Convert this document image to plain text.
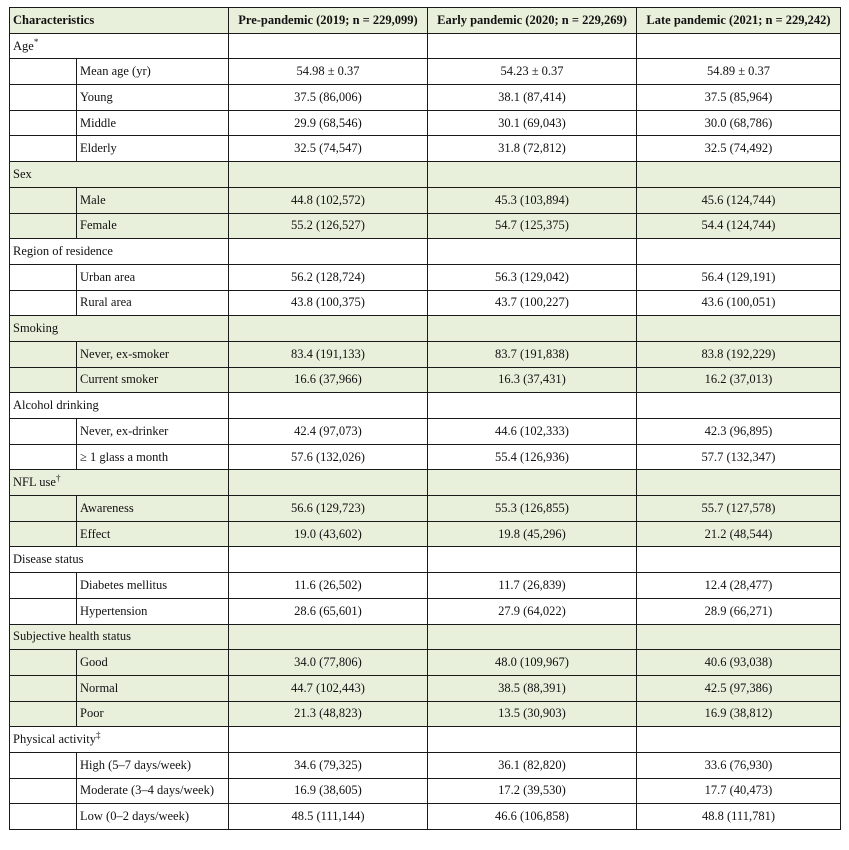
Characteristics		Pre-pandemic (2019; n = 229,099)	Early pandemic (2020; n = 229,269)	Late pandemic (2021; n = 229,242)
Age*			
	Mean age (yr)	54.98 ± 0.37	54.23 ± 0.37	54.89 ± 0.37
	Young	37.5 (86,006)	38.1 (87,414)	37.5 (85,964)
	Middle	29.9 (68,546)	30.1 (69,043)	30.0 (68,786)
	Elderly	32.5 (74,547)	31.8 (72,812)	32.5 (74,492)
Sex				
	Male	44.8 (102,572)	45.3 (103,894)	45.6 (124,744)
	Female	55.2 (126,527)	54.7 (125,375)	54.4 (124,744)
Region of residence				
	Urban area	56.2 (128,724)	56.3 (129,042)	56.4 (129,191)
	Rural area	43.8 (100,375)	43.7 (100,227)	43.6 (100,051)
Smoking				
	Never, ex-smoker	83.4 (191,133)	83.7 (191,838)	83.8 (192,229)
	Current smoker	16.6 (37,966)	16.3 (37,431)	16.2 (37,013)
Alcohol drinking				
	Never, ex-drinker	42.4 (97,073)	44.6 (102,333)	42.3 (96,895)
	≥ 1 glass a month	57.6 (132,026)	55.4 (126,936)	57.7 (132,347)
NFL use†			
	Awareness	56.6 (129,723)	55.3 (126,855)	55.7 (127,578)
	Effect	19.0 (43,602)	19.8 (45,296)	21.2 (48,544)
Disease status				
	Diabetes mellitus	11.6 (26,502)	11.7 (26,839)	12.4 (28,477)
	Hypertension	28.6 (65,601)	27.9 (64,022)	28.9 (66,271)
Subjective health status				
	Good	34.0 (77,806)	48.0 (109,967)	40.6 (93,038)
	Normal	44.7 (102,443)	38.5 (88,391)	42.5 (97,386)
	Poor	21.3 (48,823)	13.5 (30,903)	16.9 (38,812)
Physical activity‡			
	High (5–7 days/week)	34.6 (79,325)	36.1 (82,820)	33.6 (76,930)
	Moderate (3–4 days/week)	16.9 (38,605)	17.2 (39,530)	17.7 (40,473)
	Low (0–2 days/week)	48.5 (111,144)	46.6 (106,858)	48.8 (111,781)
